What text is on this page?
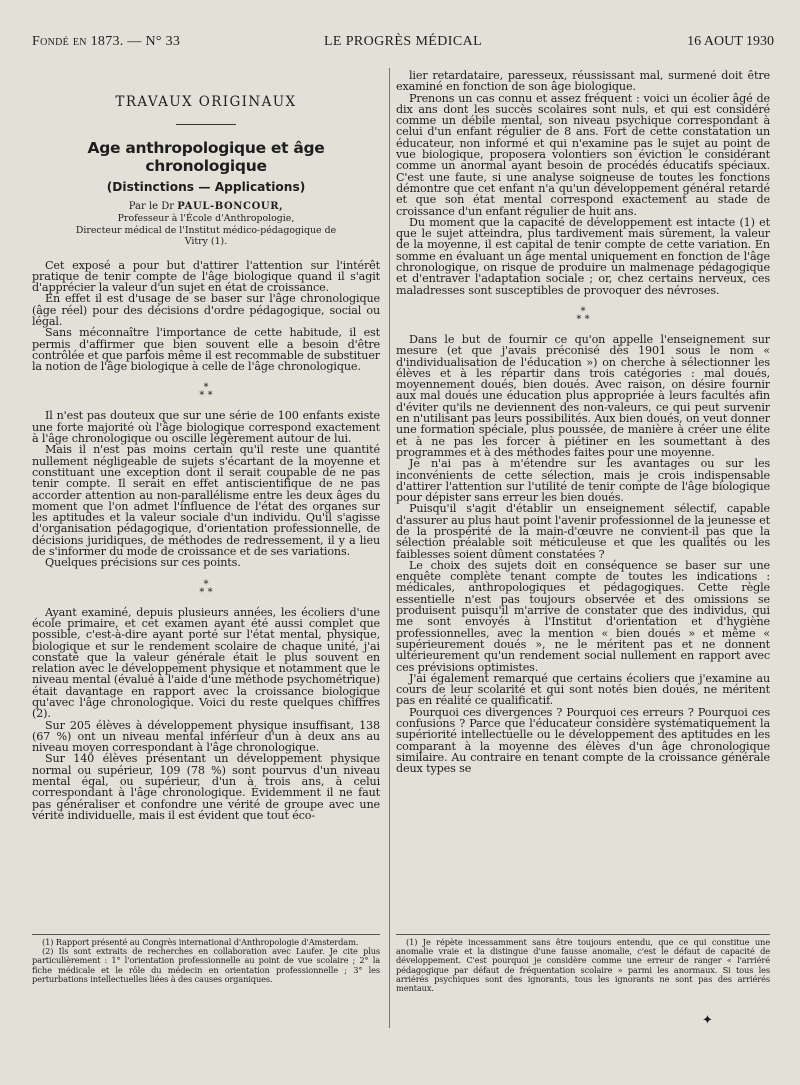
Fondé en 1873. — N° 33	LE PROGRÈS MÉDICAL	16 AOUT 1930
TRAVAUX ORIGINAUX
Age anthropologique et âge chronologique
(Distinctions — Applications)
Par le Dr PAUL-BONCOUR,
Professeur à l'École d'Anthropologie,
Directeur médical de l'Institut médico-pédagogique de Vitry (1).

Cet exposé a pour but d'attirer l'attention sur l'intérêt pratique de tenir compte de l'âge biologique quand il s'agit d'apprécier la valeur d'un sujet en état de croissance.

En effet il est d'usage de se baser sur l'âge chronologique (âge réel) pour des décisions d'ordre pédagogique, social ou légal.

Sans méconnaître l'importance de cette habitude, il est permis d'affirmer que bien souvent elle a besoin d'être contrôlée et que parfois même il est recommable de substituer la notion de l'âge biologique à celle de l'âge chronologique.

*
* *

Il n'est pas douteux que sur une série de 100 enfants existe une forte majorité où l'âge biologique correspond exactement à l'âge chronologique ou oscille légèrement autour de lui.

Mais il n'est pas moins certain qu'il reste une quantité nullement négligeable de sujets s'écartant de la moyenne et constituant une exception dont il serait coupable de ne pas tenir compte. Il serait en effet antiscientifique de ne pas accorder attention au non-parallélisme entre les deux âges du moment que l'on admet l'influence de l'état des organes sur les aptitudes et la valeur sociale d'un individu. Qu'il s'agisse d'organisation pédagogique, d'orientation professionnelle, de décisions juridiques, de méthodes de redressement, il y a lieu de s'informer du mode de croissance et de ses variations.

Quelques précisions sur ces points.

*
* *

Ayant examiné, depuis plusieurs années, les écoliers d'une école primaire, et cet examen ayant été aussi complet que possible, c'est-à-dire ayant porté sur l'état mental, physique, biologique et sur le rendement scolaire de chaque unité, j'ai constaté que la valeur générale était le plus souvent en relation avec le développement physique et notamment que le niveau mental (évalué à l'aide d'une méthode psychométrique) était davantage en rapport avec la croissance biologique qu'avec l'âge chronologique. Voici du reste quelques chiffres (2).

Sur 205 élèves à développement physique insuffisant, 138 (67 %) ont un niveau mental inférieur d'un à deux ans au niveau moyen correspondant à l'âge chronologique.

Sur 140 élèves présentant un développement physique normal ou supérieur, 109 (78 %) sont pourvus d'un niveau mental égal, ou supérieur, d'un à trois ans, à celui correspondant à l'âge chronologique. Évidemment il ne faut pas généraliser et confondre une vérité de groupe avec une vérité individuelle, mais il est évident que tout éco-

lier retardataire, paresseux, réussissant mal, surmené doit être examiné en fonction de son âge biologique.

Prenons un cas connu et assez fréquent : voici un écolier âgé de dix ans dont les succès scolaires sont nuls, et qui est considéré comme un débile mental, son niveau psychique correspondant à celui d'un enfant régulier de 8 ans. Fort de cette constatation un éducateur, non informé et qui n'examine pas le sujet au point de vue biologique, proposera volontiers son éviction le considérant comme un anormal ayant besoin de procédés éducatifs spéciaux. C'est une faute, si une analyse soigneuse de toutes les fonctions démontre que cet enfant n'a qu'un développement général retardé et que son état mental correspond exactement au stade de croissance d'un enfant régulier de huit ans.

Du moment que la capacité de développement est intacte (1) et que le sujet atteindra, plus tardivement mais sûrement, la valeur de la moyenne, il est capital de tenir compte de cette variation. En somme en évaluant un âge mental uniquement en fonction de l'âge chronologique, on risque de produire un malmenage pédagogique et d'entraver l'adaptation sociale ; or, chez certains nerveux, ces maladresses sont susceptibles de provoquer des névroses.

*
* *

Dans le but de fournir ce qu'on appelle l'enseignement sur mesure (et que j'avais préconisé dès 1901 sous le nom « d'individualisation de l'éducation ») on cherche à sélectionner les élèves et à les répartir dans trois catégories : mal doués, moyennement doués, bien doués. Avec raison, on désire fournir aux mal doués une éducation plus appropriée à leurs facultés afin d'éviter qu'ils ne deviennent des non-valeurs, ce qui peut survenir en n'utilisant pas leurs possibilités. Aux bien doués, on veut donner une formation spéciale, plus poussée, de manière à créer une élite et à ne pas les forcer à piétiner en les soumettant à des programmes et à des méthodes faites pour une moyenne.

Je n'ai pas à m'étendre sur les avantages ou sur les inconvénients de cette sélection, mais je crois indispensable d'attirer l'attention sur l'utilité de tenir compte de l'âge biologique pour dépister sans erreur les bien doués.

Puisqu'il s'agit d'établir un enseignement sélectif, capable d'assurer au plus haut point l'avenir professionnel de la jeunesse et de la prospérité de la main-d'œuvre ne convient-il pas que la sélection préalable soit méticuleuse et que les qualités ou les faiblesses soient dûment constatées ?

Le choix des sujets doit en conséquence se baser sur une enquête complète tenant compte de toutes les indications : médicales, anthropologiques et pédagogiques. Cette règle essentielle n'est pas toujours observée et des omissions se produisent puisqu'il m'arrive de constater que des individus, qui me sont envoyés à l'Institut d'orientation et d'hygiène professionnelles, avec la mention « bien doués » et même « supérieurement doués », ne le méritent pas et ne donnent ultérieurement qu'un rendement social nullement en rapport avec ces prévisions optimistes.

J'ai également remarqué que certains écoliers que j'examine au cours de leur scolarité et qui sont notés bien doués, ne méritent pas en réalité ce qualificatif.

Pourquoi ces divergences ? Pourquoi ces erreurs ? Pourquoi ces confusions ? Parce que l'éducateur considère systématiquement la supériorité intellectuelle ou le développement des aptitudes en les comparant à la moyenne des élèves d'un âge chronologique similaire. Au contraire en tenant compte de la croissance générale deux types se

(1) Rapport présenté au Congrès international d'Anthropologie d'Amsterdam.

(2) Ils sont extraits de recherches en collaboration avec Laufer. Je cite plus particulièrement : 1° l'orientation professionnelle au point de vue scolaire ; 2° la fiche médicale et le rôle du médecin en orientation professionnelle ; 3° les perturbations intellectuelles liées à des causes organiques.

(1) Je répète incessamment sans être toujours entendu, que ce qui constitue une anomalie vraie et la distingue d'une fausse anomalie, c'est le défaut de capacité de développement. C'est pourquoi je considère comme une erreur de ranger « l'arriéré pédagogique par défaut de fréquentation scolaire » parmi les anormaux. Si tous les arriérés psychiques sont des ignorants, tous les ignorants ne sont pas des arriérés mentaux.

✦
